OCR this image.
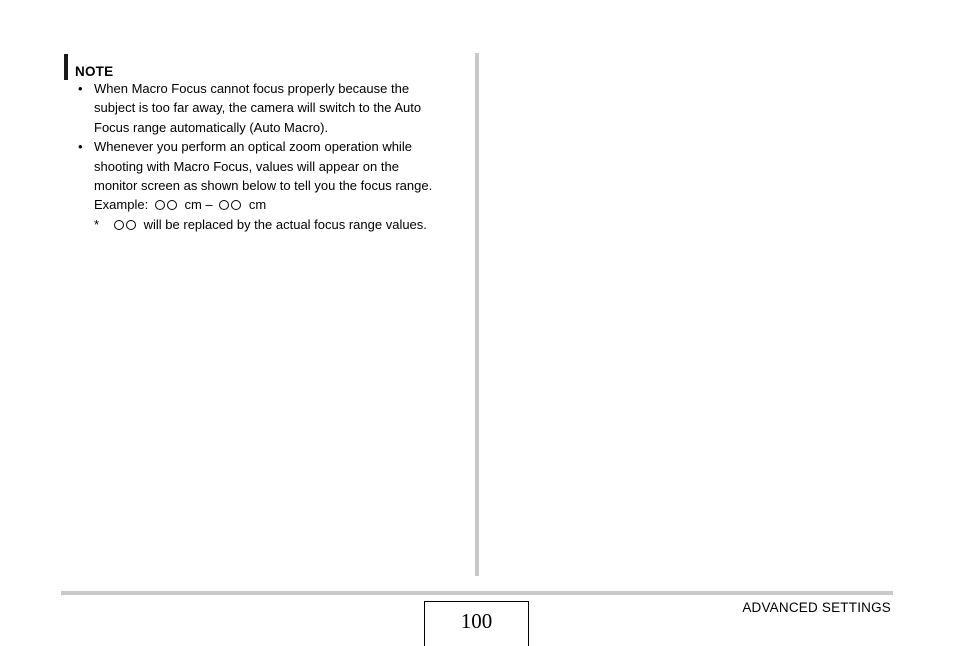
NOTE
• When Macro Focus cannot focus properly because the
subject is too far away, the camera will switch to the Auto
Focus range automatically (Auto Macro).
• Whenever you perform an optical zoom operation while
shooting with Macro Focus, values will appear on the
monitor screen as shown below to tell you the focus range.
Example:	cm –	cm
*	will be replaced by the actual focus range values.
100
ADVANCED SETTINGS
